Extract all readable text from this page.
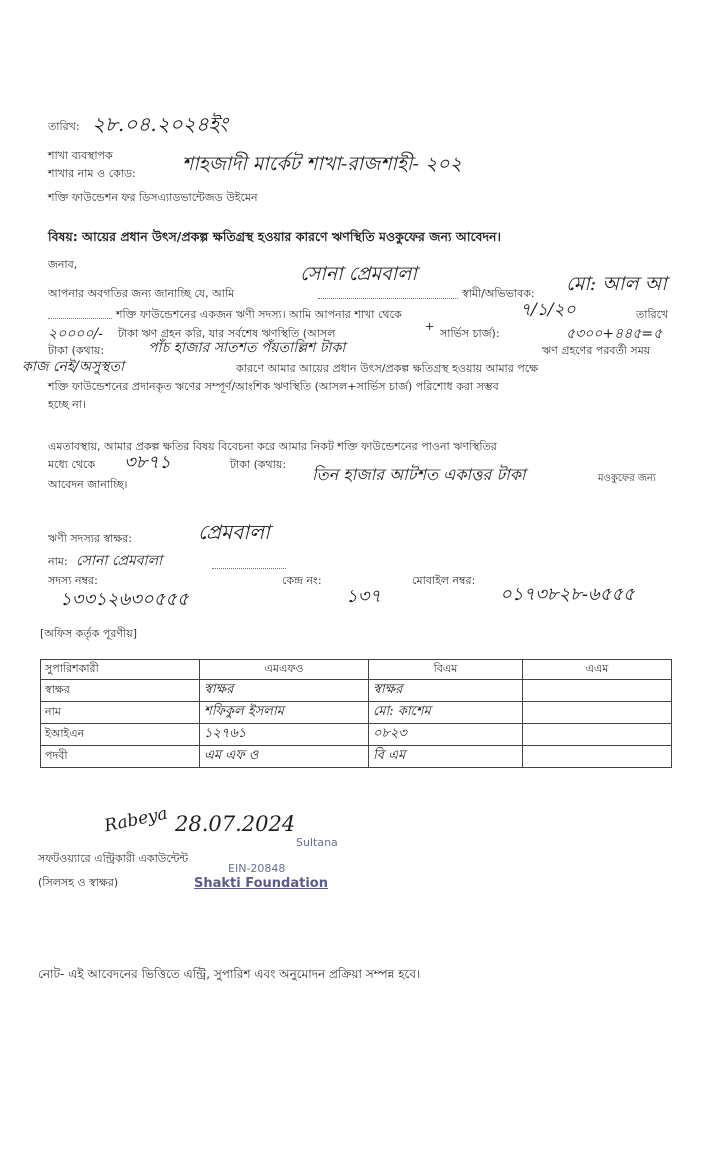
তারিখ: ২৮.০৪.২০২৪ইং
শাখা ব্যবস্থাপক
শাখার নাম ও কোড: শাহজাদী মার্কেট শাখা-রাজশাহী- ২০২
শক্তি ফাউন্ডেশন ফর ডিসএ্যাডভান্টেজড উইমেন
বিষয়: আয়ের প্রধান উৎস/প্রকল্প ক্ষতিগ্রস্থ হওয়ার কারণে ঋণস্থিতি মওকুফের জন্য আবেদন।
জনাব,
আপনার অবগতির জন্য জানাচ্ছি যে, আমি
সোনা প্রেমবালা
স্বামী/অভিভাবক: মো: আল আ
শক্তি ফাউন্ডেশনের একজন ঋণী সদস্য। আমি আপনার শাখা থেকে	৭/১/২০	তারিখে
২০০০০/- টাকা ঋণ গ্রহন করি, যার সর্বশেষ ঋণস্থিতি (আসল
+
সার্ভিস চার্জ):	৫৩০০+৪৪৫=৫
টাকা (কথায়:	পাঁচ হাজার সাতশত পঁয়তাল্লিশ টাকা	ঋণ গ্রহণের পরবর্তী সময়
কাজ নেই/অসুস্থতা	কারণে আমার আয়ের প্রধান উৎস/প্রকল্প ক্ষতিগ্রস্থ হওয়ায় আমার পক্ষে
শক্তি ফাউন্ডেশনের প্রদানকৃত ঋণের সম্পূর্ণ/আংশিক ঋণস্থিতি (আসল+সার্ভিস চার্জ) পরিশোধ করা সম্ভব
হচ্ছে না।
এমতাবস্থায়, আমার প্রকল্প ক্ষতির বিষয় বিবেচনা করে আমার নিকট শক্তি ফাউন্ডেশনের পাওনা ঋণস্থিতির
মধ্যে থেকে ৩৮৭১	টাকা (কথায়:
তিন হাজার আটশত একাত্তর টাকা	মওকুফের জন্য
আবেদন জানাচ্ছি।
ঋণী সদস্যর স্বাক্ষর:	প্রেমবালা
নাম: সোনা প্রেমবালা
সদস্য নম্বর:
১৩৩১২৬৩০৫৫৫
কেন্দ্র নং:
১৩৭
মোবাইল নম্বর:
০১৭৩৮২৮-৬৫৫৫
[অফিস কর্তৃক পূরণীয়]
সুপারিশকারী	এমএফও	বিএম	এএম
স্বাক্ষর	স্বাক্ষর	স্বাক্ষর	
নাম	শফিকুল ইসলাম	মো: কাশেম	
ইআইএন	১২৭৬১	০৮২৩	
পদবী	এম এফ ও	বি এম	
Rabeya 28.07.2024
Sultana
সফটওয়্যারে এন্ট্রিকারী একাউন্টেন্ট
EIN-20848
(সিলসহ ও স্বাক্ষর)	Shakti Foundation
নোট- এই আবেদনের ভিত্তিতে এন্ট্রি, সুপারিশ এবং অনুমোদন প্রক্রিয়া সম্পন্ন হবে।
